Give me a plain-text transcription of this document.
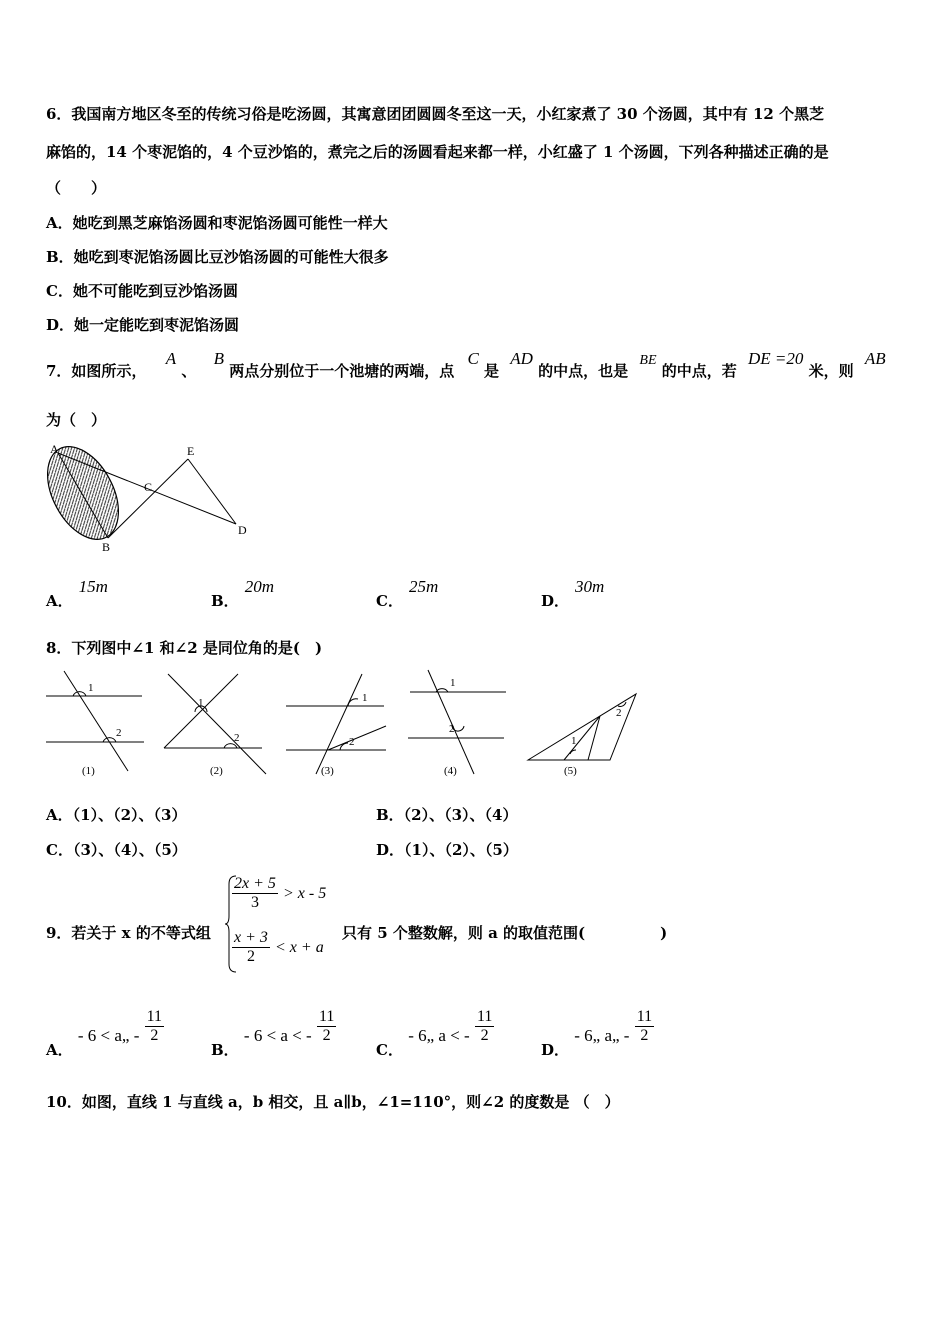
6．我国南方地区冬至的传统习俗是吃汤圆，其寓意团团圆圆冬至这一天，小红家煮了 30 个汤圆，其中有 12 个黑芝
麻馅的，14 个枣泥馅的，4 个豆沙馅的，煮完之后的汤圆看起来都一样，小红盛了 1 个汤圆，下列各种描述正确的是
（　　）
A．她吃到黑芝麻馅汤圆和枣泥馅汤圆可能性一样大
B．她吃到枣泥馅汤圆比豆沙馅汤圆的可能性大很多
C．她不可能吃到豆沙馅汤圆
D．她一定能吃到枣泥馅汤圆
7．如图所示， A 、 B 两点分别位于一个池塘的两端，点 C 是 AD 的中点，也是 BE 的中点，若 DE =20 米，则 AB
为（　）
A
B
C
D
E
A．15m
B．20m
C．25m
D．30m
8．下列图中∠1 和∠2 是同位角的是(　)
1
2
(1)
1
2
(2)
1
2
(3)
1
2
(4)
1
2
(5)
A．（1）、（2）、（3）	B．（2）、（3）、（4）
C．（3）、（4）、（5）	D．（1）、（2）、（5）
9．若关于 x 的不等式组
$\frac{2x + 5}{3} > x - 5$
$\frac{x + 3}{2} < x + a$
只有 5 个整数解，则 a 的取值范围(　　　　　)
A． - 6 < a„ - $\frac{11}{2}$
B． - 6 < a < - $\frac{11}{2}$
C． - 6„ a < - $\frac{11}{2}$
D． - 6„ a„ - $\frac{11}{2}$
10．如图，直线 1 与直线 a，b 相交，且 a∥b，∠1=110°，则∠2 的度数是 （　）
